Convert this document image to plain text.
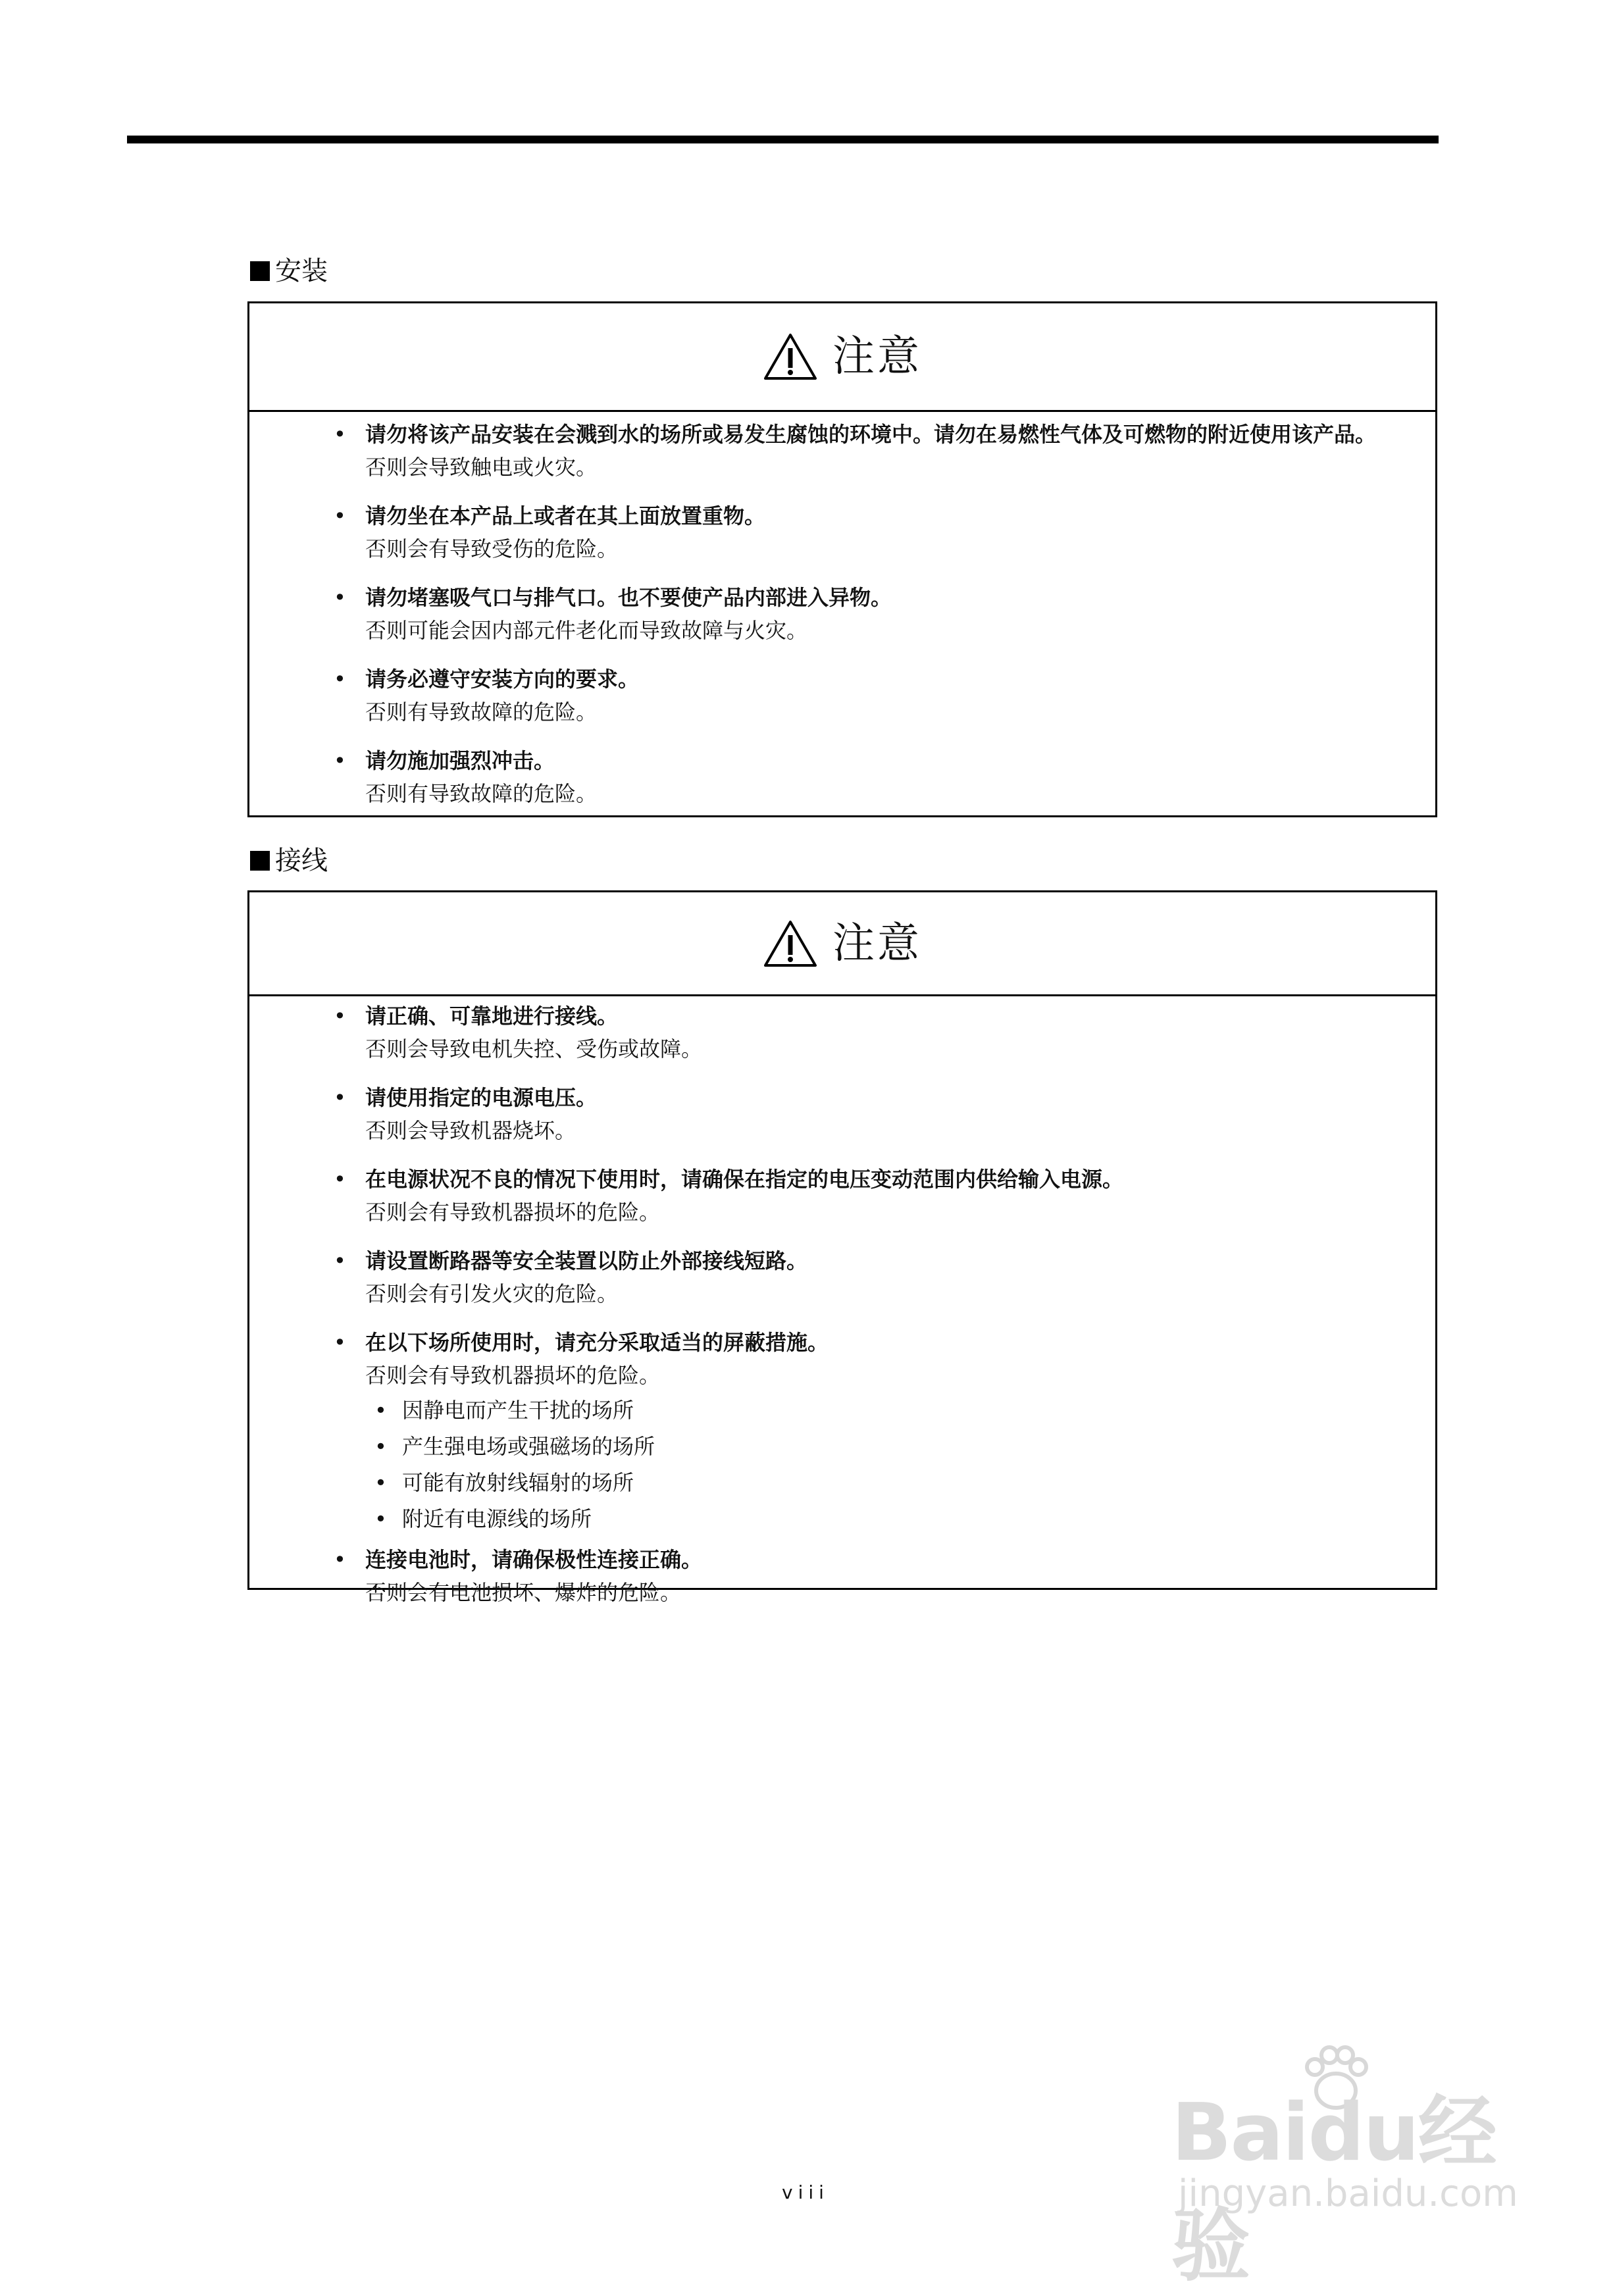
安装
注意
• 请勿将该产品安装在会溅到水的场所或易发生腐蚀的环境中。请勿在易燃性气体及可燃物的附近使用该产品。
否则会导致触电或火灾。
• 请勿坐在本产品上或者在其上面放置重物。
否则会有导致受伤的危险。
• 请勿堵塞吸气口与排气口。也不要使产品内部进入异物。
否则可能会因内部元件老化而导致故障与火灾。
• 请务必遵守安装方向的要求。
否则有导致故障的危险。
• 请勿施加强烈冲击。
否则有导致故障的危险。
接线
注意
• 请正确、可靠地进行接线。
否则会导致电机失控、受伤或故障。
• 请使用指定的电源电压。
否则会导致机器烧坏。
• 在电源状况不良的情况下使用时，请确保在指定的电压变动范围内供给输入电源。
否则会有导致机器损坏的危险。
• 请设置断路器等安全装置以防止外部接线短路。
否则会有引发火灾的危险。
• 在以下场所使用时，请充分采取适当的屏蔽措施。
否则会有导致机器损坏的危险。
• 因静电而产生干扰的场所
• 产生强电场或强磁场的场所
• 可能有放射线辐射的场所
• 附近有电源线的场所
• 连接电池时，请确保极性连接正确。
否则会有电池损坏、爆炸的危险。
Baidu经验
jingyan.baidu.com
viii
